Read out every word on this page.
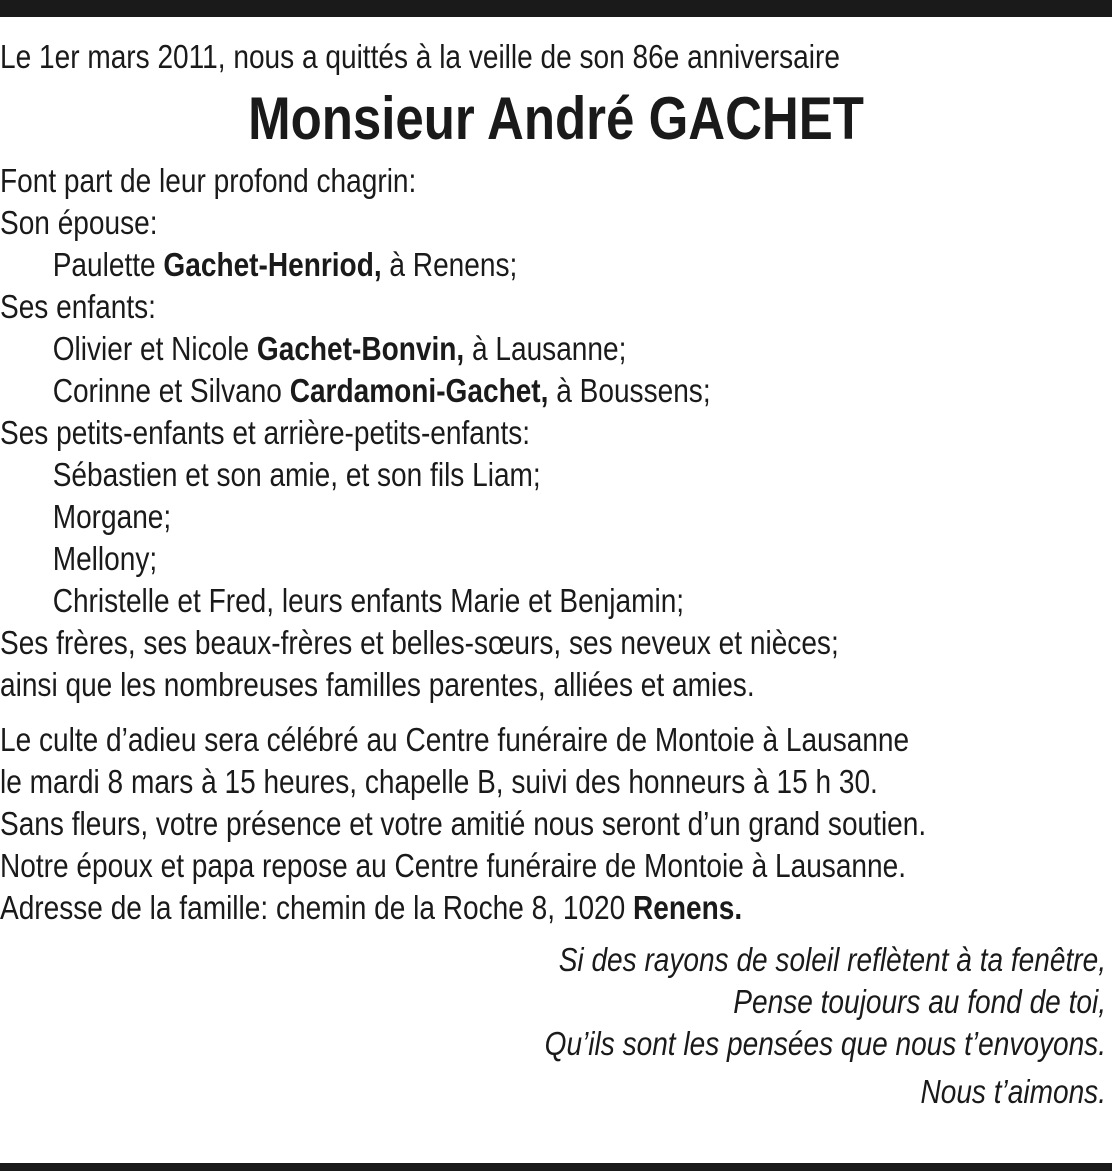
Le 1er mars 2011, nous a quittés à la veille de son 86e anniversaire
Monsieur André GACHET
Font part de leur profond chagrin:
Son épouse:
Paulette Gachet-Henriod, à Renens;
Ses enfants:
Olivier et Nicole Gachet-Bonvin, à Lausanne;
Corinne et Silvano Cardamoni-Gachet, à Boussens;
Ses petits-enfants et arrière-petits-enfants:
Sébastien et son amie, et son fils Liam;
Morgane;
Mellony;
Christelle et Fred, leurs enfants Marie et Benjamin;
Ses frères, ses beaux-frères et belles-sœurs, ses neveux et nièces;
ainsi que les nombreuses familles parentes, alliées et amies.
Le culte d’adieu sera célébré au Centre funéraire de Montoie à Lausanne
le mardi 8 mars à 15 heures, chapelle B, suivi des honneurs à 15 h 30.
Sans fleurs, votre présence et votre amitié nous seront d’un grand soutien.
Notre époux et papa repose au Centre funéraire de Montoie à Lausanne.
Adresse de la famille: chemin de la Roche 8, 1020 Renens.
Si des rayons de soleil reflètent à ta fenêtre,
Pense toujours au fond de toi,
Qu’ils sont les pensées que nous t’envoyons.
Nous t’aimons.
